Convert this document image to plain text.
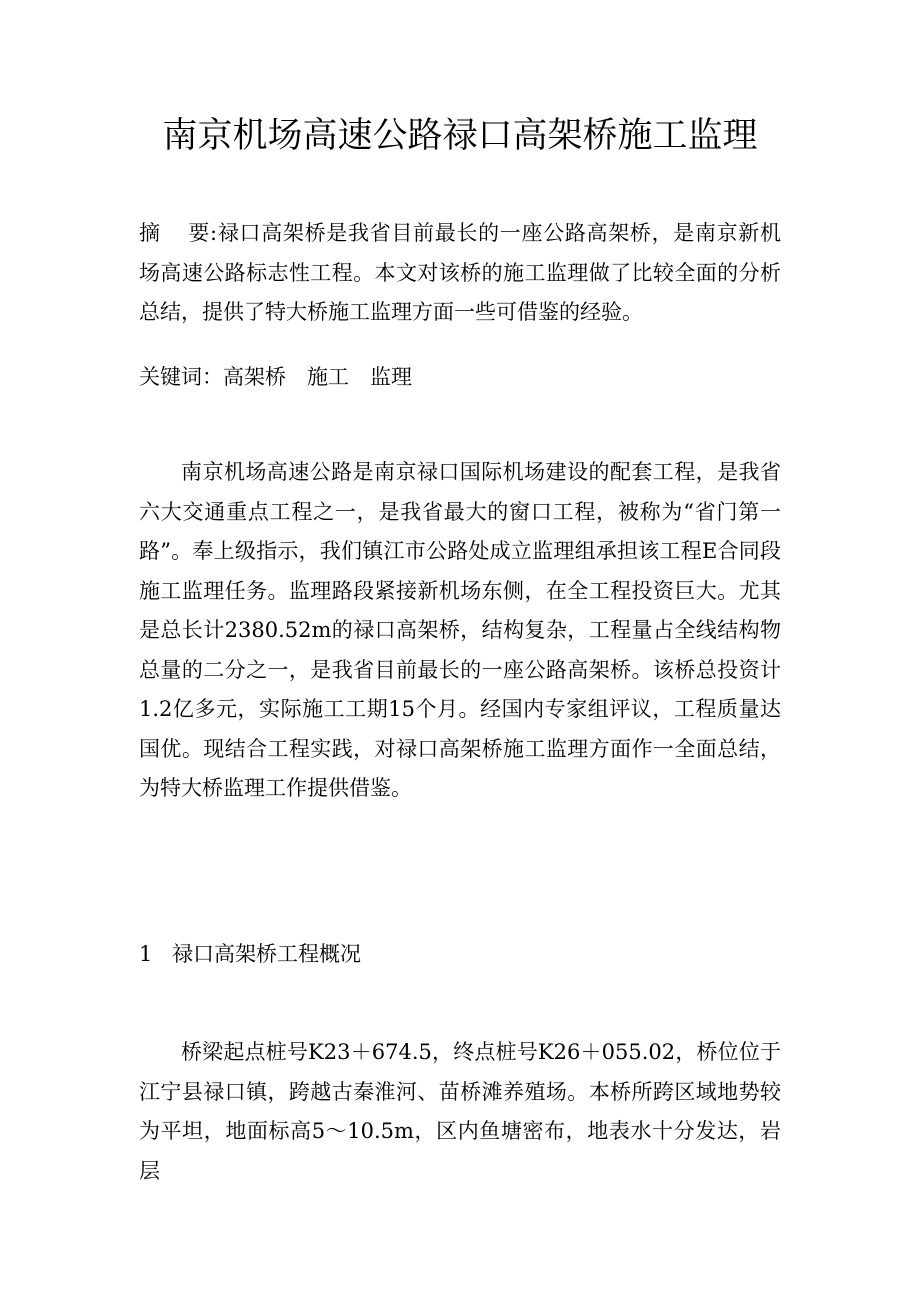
南京机场高速公路禄口高架桥施工监理

摘 要:禄口高架桥是我省目前最长的一座公路高架桥，是南京新机场高速公路标志性工程。本文对该桥的施工监理做了比较全面的分析总结，提供了特大桥施工监理方面一些可借鉴的经验。

关键词：高架桥 施工 监理

南京机场高速公路是南京禄口国际机场建设的配套工程，是我省六大交通重点工程之一，是我省最大的窗口工程，被称为“省门第一路”。奉上级指示，我们镇江市公路处成立监理组承担该工程E合同段施工监理任务。监理路段紧接新机场东侧，在全工程投资巨大。尤其是总长计2380.52m的禄口高架桥，结构复杂，工程量占全线结构物总量的二分之一，是我省目前最长的一座公路高架桥。该桥总投资计1.2亿多元，实际施工工期15个月。经国内专家组评议，工程质量达国优。现结合工程实践，对禄口高架桥施工监理方面作一全面总结，为特大桥监理工作提供借鉴。

1 禄口高架桥工程概况

桥梁起点桩号K23＋674.5，终点桩号K26＋055.02，桥位位于江宁县禄口镇，跨越古秦淮河、苗桥滩养殖场。本桥所跨区域地势较为平坦，地面标高5～10.5m，区内鱼塘密布，地表水十分发达，岩层
